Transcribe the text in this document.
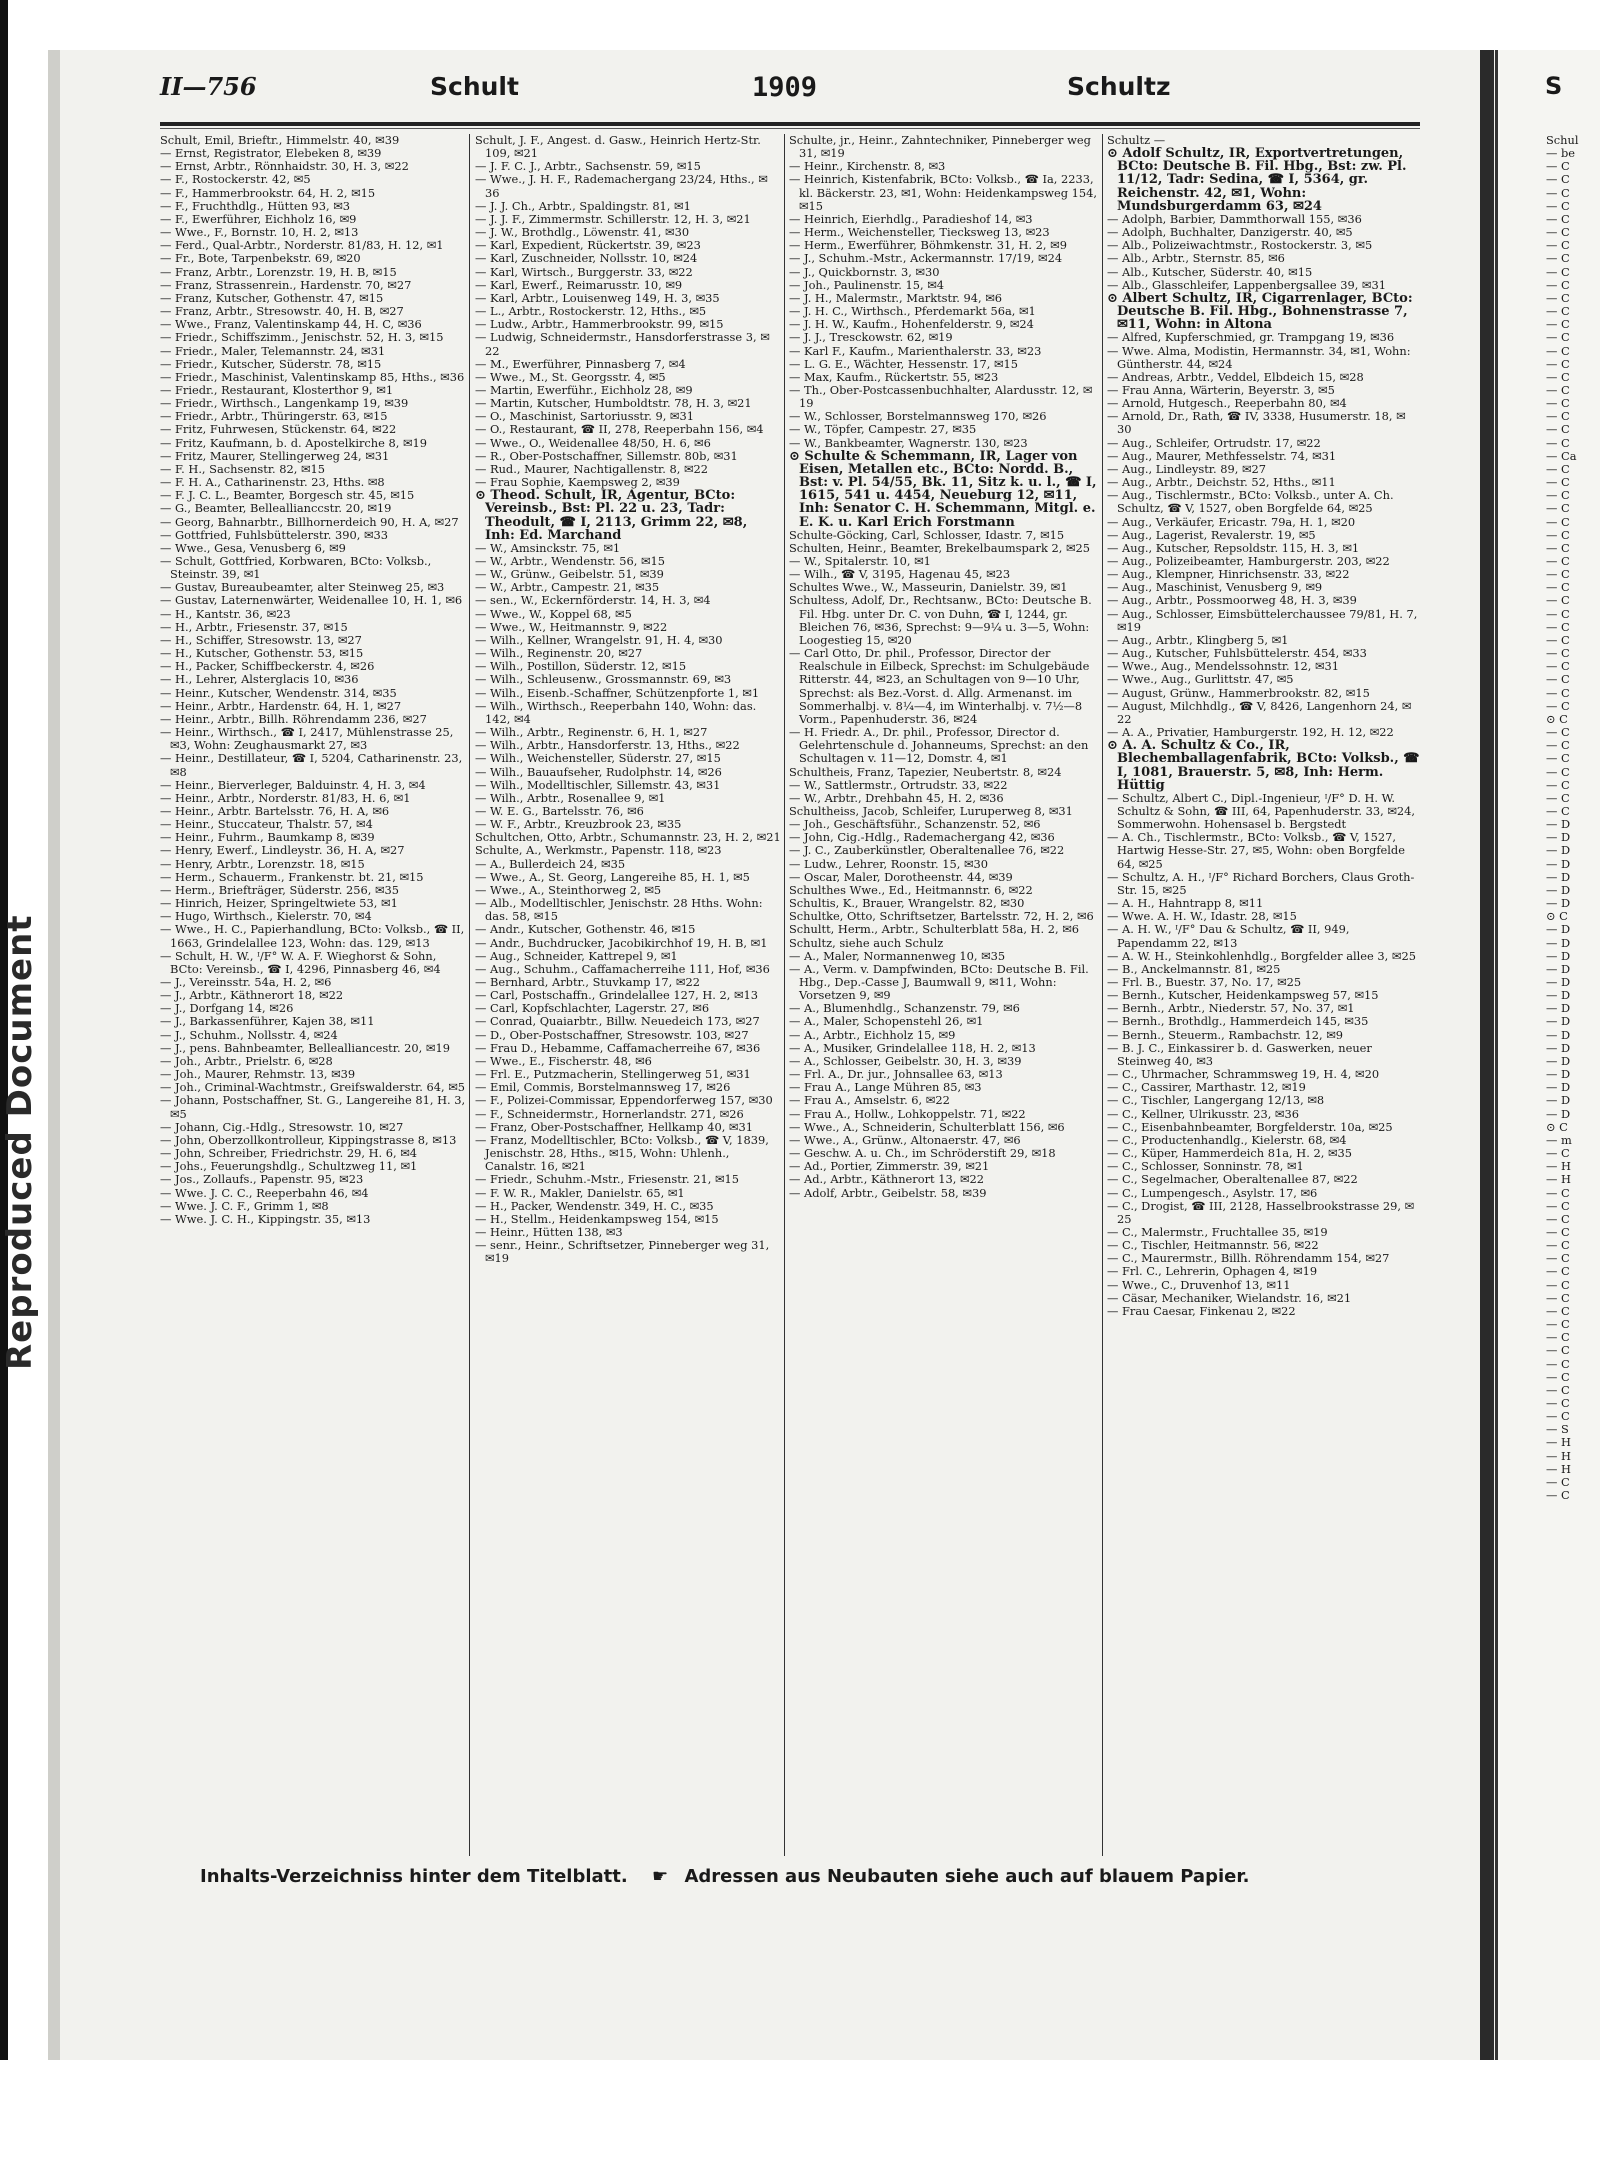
Reproduced Document
II—756	Schult	1909	Schultz

Schult, Emil, Brieftr., Himmelstr. 40, ✉39

— Ernst, Registrator, Elebeken 8, ✉39

— Ernst, Arbtr., Rönnhaidstr. 30, H. 3, ✉22

— F., Rostockerstr. 42, ✉5

— F., Hammerbrookstr. 64, H. 2, ✉15

— F., Fruchthdlg., Hütten 93, ✉3

— F., Ewerführer, Eichholz 16, ✉9

— Wwe., F., Bornstr. 10, H. 2, ✉13

— Ferd., Qual-Arbtr., Norderstr. 81/83, H. 12, ✉1

— Fr., Bote, Tarpenbekstr. 69, ✉20

— Franz, Arbtr., Lorenzstr. 19, H. B, ✉15

— Franz, Strassenrein., Hardenstr. 70, ✉27

— Franz, Kutscher, Gothenstr. 47, ✉15

— Franz, Arbtr., Stresowstr. 40, H. B, ✉27

— Wwe., Franz, Valentinskamp 44, H. C, ✉36

— Friedr., Schiffszimm., Jenischstr. 52, H. 3, ✉15

— Friedr., Maler, Telemannstr. 24, ✉31

— Friedr., Kutscher, Süderstr. 78, ✉15

— Friedr., Maschinist, Valentinskamp 85, Hths., ✉36

— Friedr., Restaurant, Klosterthor 9, ✉1

— Friedr., Wirthsch., Langenkamp 19, ✉39

— Friedr., Arbtr., Thüringerstr. 63, ✉15

— Fritz, Fuhrwesen, Stückenstr. 64, ✉22

— Fritz, Kaufmann, b. d. Apostelkirche 8, ✉19

— Fritz, Maurer, Stellingerweg 24, ✉31

— F. H., Sachsenstr. 82, ✉15

— F. H. A., Catharinenstr. 23, Hths. ✉8

— F. J. C. L., Beamter, Borgesch str. 45, ✉15

— G., Beamter, Belleallianccstr. 20, ✉19

— Georg, Bahnarbtr., Billhornerdeich 90, H. A, ✉27

— Gottfried, Fuhlsbüttelerstr. 390, ✉33

— Wwe., Gesa, Venusberg 6, ✉9

— Schult, Gottfried, Korbwaren, BCto: Volksb., Steinstr. 39, ✉1

— Gustav, Bureaubeamter, alter Steinweg 25, ✉3

— Gustav, Laternenwärter, Weidenallee 10, H. 1, ✉6

— H., Kantstr. 36, ✉23

— H., Arbtr., Friesenstr. 37, ✉15

— H., Schiffer, Stresowstr. 13, ✉27

— H., Kutscher, Gothenstr. 53, ✉15

— H., Packer, Schiffbeckerstr. 4, ✉26

— H., Lehrer, Alsterglacis 10, ✉36

— Heinr., Kutscher, Wendenstr. 314, ✉35

— Heinr., Arbtr., Hardenstr. 64, H. 1, ✉27

— Heinr., Arbtr., Billh. Röhrendamm 236, ✉27

— Heinr., Wirthsch., ☎ I, 2417, Mühlenstrasse 25, ✉3, Wohn: Zeughausmarkt 27, ✉3

— Heinr., Destillateur, ☎ I, 5204, Catharinenstr. 23, ✉8

— Heinr., Bierverleger, Balduinstr. 4, H. 3, ✉4

— Heinr., Arbtr., Norderstr. 81/83, H. 6, ✉1

— Heinr., Arbtr. Bartelsstr. 76, H. A, ✉6

— Heinr., Stuccateur, Thalstr. 57, ✉4

— Heinr., Fuhrm., Baumkamp 8, ✉39

— Henry, Ewerf., Lindleystr. 36, H. A, ✉27

— Henry, Arbtr., Lorenzstr. 18, ✉15

— Herm., Schauerm., Frankenstr. bt. 21, ✉15

— Herm., Briefträger, Süderstr. 256, ✉35

— Hinrich, Heizer, Springeltwiete 53, ✉1

— Hugo, Wirthsch., Kielerstr. 70, ✉4

— Wwe., H. C., Papierhandlung, BCto: Volksb., ☎ II, 1663, Grindelallee 123, Wohn: das. 129, ✉13

— Schult, H. W., ᴵ/F° W. A. F. Wieghorst & Sohn, BCto: Vereinsb., ☎ I, 4296, Pinnasberg 46, ✉4

— J., Vereinsstr. 54a, H. 2, ✉6

— J., Arbtr., Käthnerort 18, ✉22

— J., Dorfgang 14, ✉26

— J., Barkassenführer, Kajen 38, ✉11

— J., Schuhm., Nollsstr. 4, ✉24

— J., pens. Bahnbeamter, Bellealliancestr. 20, ✉19

— Joh., Arbtr., Prielstr. 6, ✉28

— Joh., Maurer, Rehmstr. 13, ✉39

— Joh., Criminal-Wachtmstr., Greifswalderstr. 64, ✉5

— Johann, Postschaffner, St. G., Langereihe 81, H. 3, ✉5

— Johann, Cig.-Hdlg., Stresowstr. 10, ✉27

— John, Oberzollkontrolleur, Kippingstrasse 8, ✉13

— John, Schreiber, Friedrichstr. 29, H. 6, ✉4

— Johs., Feuerungshdlg., Schultzweg 11, ✉1

— Jos., Zollaufs., Papenstr. 95, ✉23

— Wwe. J. C. C., Reeperbahn 46, ✉4

— Wwe. J. C. F., Grimm 1, ✉8

— Wwe. J. C. H., Kippingstr. 35, ✉13

Schult, J. F., Angest. d. Gasw., Heinrich Hertz-Str. 109, ✉21

— J. F. C. J., Arbtr., Sachsenstr. 59, ✉15

— Wwe., J. H. F., Rademachergang 23/24, Hths., ✉36

— J. J. Ch., Arbtr., Spaldingstr. 81, ✉1

— J. J. F., Zimmermstr. Schillerstr. 12, H. 3, ✉21

— J. W., Brothdlg., Löwenstr. 41, ✉30

— Karl, Expedient, Rückertstr. 39, ✉23

— Karl, Zuschneider, Nollsstr. 10, ✉24

— Karl, Wirtsch., Burggerstr. 33, ✉22

— Karl, Ewerf., Reimarusstr. 10, ✉9

— Karl, Arbtr., Louisenweg 149, H. 3, ✉35

— L., Arbtr., Rostockerstr. 12, Hths., ✉5

— Ludw., Arbtr., Hammerbrookstr. 99, ✉15

— Ludwig, Schneidermstr., Hansdorferstrasse 3, ✉22

— M., Ewerführer, Pinnasberg 7, ✉4

— Wwe., M., St. Georgsstr. 4, ✉5

— Martin, Ewerführ., Eichholz 28, ✉9

— Martin, Kutscher, Humboldtstr. 78, H. 3, ✉21

— O., Maschinist, Sartoriusstr. 9, ✉31

— O., Restaurant, ☎ II, 278, Reeperbahn 156, ✉4

— Wwe., O., Weidenallee 48/50, H. 6, ✉6

— R., Ober-Postschaffner, Sillemstr. 80b, ✉31

— Rud., Maurer, Nachtigallenstr. 8, ✉22

— Frau Sophie, Kaempsweg 2, ✉39

⊙ Theod. Schult, IR, Agentur, BCto: Vereinsb., Bst: Pl. 22 u. 23, Tadr: Theodult, ☎ I, 2113, Grimm 22, ✉8, Inh: Ed. Marchand

— W., Amsinckstr. 75, ✉1

— W., Arbtr., Wendenstr. 56, ✉15

— W., Grünw., Geibelstr. 51, ✉39

— W., Arbtr., Campestr. 21, ✉35

— sen., W., Eckernförderstr. 14, H. 3, ✉4

— Wwe., W., Koppel 68, ✉5

— Wwe., W., Heitmannstr. 9, ✉22

— Wilh., Kellner, Wrangelstr. 91, H. 4, ✉30

— Wilh., Reginenstr. 20, ✉27

— Wilh., Postillon, Süderstr. 12, ✉15

— Wilh., Schleusenw., Grossmannstr. 69, ✉3

— Wilh., Eisenb.-Schaffner, Schützenpforte 1, ✉1

— Wilh., Wirthsch., Reeperbahn 140, Wohn: das. 142, ✉4

— Wilh., Arbtr., Reginenstr. 6, H. 1, ✉27

— Wilh., Arbtr., Hansdorferstr. 13, Hths., ✉22

— Wilh., Weichensteller, Süderstr. 27, ✉15

— Wilh., Bauaufseher, Rudolphstr. 14, ✉26

— Wilh., Modelltischler, Sillemstr. 43, ✉31

— Wilh., Arbtr., Rosenallee 9, ✉1

— W. E. G., Bartelsstr. 76, ✉6

— W. F., Arbtr., Kreuzbrook 23, ✉35

Schultchen, Otto, Arbtr., Schumannstr. 23, H. 2, ✉21

Schulte, A., Werkmstr., Papenstr. 118, ✉23

— A., Bullerdeich 24, ✉35

— Wwe., A., St. Georg, Langereihe 85, H. 1, ✉5

— Wwe., A., Steinthorweg 2, ✉5

— Alb., Modelltischler, Jenischstr. 28 Hths. Wohn: das. 58, ✉15

— Andr., Kutscher, Gothenstr. 46, ✉15

— Andr., Buchdrucker, Jacobikirchhof 19, H. B, ✉1

— Aug., Schneider, Kattrepel 9, ✉1

— Aug., Schuhm., Caffamacherreihe 111, Hof, ✉36

— Bernhard, Arbtr., Stuvkamp 17, ✉22

— Carl, Postschaffn., Grindelallee 127, H. 2, ✉13

— Carl, Kopfschlachter, Lagerstr. 27, ✉6

— Conrad, Quaiarbtr., Billw. Neuedeich 173, ✉27

— D., Ober-Postschaffner, Stresowstr. 103, ✉27

— Frau D., Hebamme, Caffamacherreihe 67, ✉36

— Wwe., E., Fischerstr. 48, ✉6

— Frl. E., Putzmacherin, Stellingerweg 51, ✉31

— Emil, Commis, Borstelmannsweg 17, ✉26

— F., Polizei-Commissar, Eppendorferweg 157, ✉30

— F., Schneidermstr., Hornerlandstr. 271, ✉26

— Franz, Ober-Postschaffner, Hellkamp 40, ✉31

— Franz, Modelltischler, BCto: Volksb., ☎ V, 1839, Jenischstr. 28, Hths., ✉15, Wohn: Uhlenh., Canalstr. 16, ✉21

— Friedr., Schuhm.-Mstr., Friesenstr. 21, ✉15

— F. W. R., Makler, Danielstr. 65, ✉1

— H., Packer, Wendenstr. 349, H. C., ✉35

— H., Stellm., Heidenkampsweg 154, ✉15

— Heinr., Hütten 138, ✉3

— senr., Heinr., Schriftsetzer, Pinneberger weg 31, ✉19

Schulte, jr., Heinr., Zahntechniker, Pinneberger weg 31, ✉19

— Heinr., Kirchenstr. 8, ✉3

— Heinrich, Kistenfabrik, BCto: Volksb., ☎ Ia, 2233, kl. Bäckerstr. 23, ✉1, Wohn: Heidenkampsweg 154, ✉15

— Heinrich, Eierhdlg., Paradieshof 14, ✉3

— Herm., Weichensteller, Tiecksweg 13, ✉23

— Herm., Ewerführer, Böhmkenstr. 31, H. 2, ✉9

— J., Schuhm.-Mstr., Ackermannstr. 17/19, ✉24

— J., Quickbornstr. 3, ✉30

— Joh., Paulinenstr. 15, ✉4

— J. H., Malermstr., Marktstr. 94, ✉6

— J. H. C., Wirthsch., Pferdemarkt 56a, ✉1

— J. H. W., Kaufm., Hohenfelderstr. 9, ✉24

— J. J., Tresckowstr. 62, ✉19

— Karl F., Kaufm., Marienthalerstr. 33, ✉23

— L. G. E., Wächter, Hessenstr. 17, ✉15

— Max, Kaufm., Rückertstr. 55, ✉23

— Th., Ober-Postcassenbuchhalter, Alardusstr. 12, ✉19

— W., Schlosser, Borstelmannsweg 170, ✉26

— W., Töpfer, Campestr. 27, ✉35

— W., Bankbeamter, Wagnerstr. 130, ✉23

⊙ Schulte & Schemmann, IR, Lager von Eisen, Metallen etc., BCto: Nordd. B., Bst: v. Pl. 54/55, Bk. 11, Sitz k. u. l., ☎ I, 1615, 541 u. 4454, Neueburg 12, ✉11, Inh: Senator C. H. Schemmann, Mitgl. e. E. K. u. Karl Erich Forstmann

Schulte-Göcking, Carl, Schlosser, Idastr. 7, ✉15

Schulten, Heinr., Beamter, Brekelbaumspark 2, ✉25

— W., Spitalerstr. 10, ✉1

— Wilh., ☎ V, 3195, Hagenau 45, ✉23

Schultes Wwe., W., Masseurin, Danielstr. 39, ✉1

Schultess, Adolf, Dr., Rechtsanw., BCto: Deutsche B. Fil. Hbg. unter Dr. C. von Duhn, ☎ I, 1244, gr. Bleichen 76, ✉36, Sprechst: 9—9¼ u. 3—5, Wohn: Loogestieg 15, ✉20

— Carl Otto, Dr. phil., Professor, Director der Realschule in Eilbeck, Sprechst: im Schulgebäude Ritterstr. 44, ✉23, an Schultagen von 9—10 Uhr, Sprechst: als Bez.-Vorst. d. Allg. Armenanst. im Sommerhalbj. v. 8¼—4, im Winterhalbj. v. 7½—8 Vorm., Papenhuderstr. 36, ✉24

— H. Friedr. A., Dr. phil., Professor, Director d. Gelehrtenschule d. Johanneums, Sprechst: an den Schultagen v. 11—12, Domstr. 4, ✉1

Schultheis, Franz, Tapezier, Neubertstr. 8, ✉24

— W., Sattlermstr., Ortrudstr. 33, ✉22

— W., Arbtr., Drehbahn 45, H. 2, ✉36

Schultheiss, Jacob, Schleifer, Luruperweg 8, ✉31

— Joh., Geschäftsführ., Schanzenstr. 52, ✉6

— John, Cig.-Hdlg., Rademachergang 42, ✉36

— J. C., Zauberkünstler, Oberaltenallee 76, ✉22

— Ludw., Lehrer, Roonstr. 15, ✉30

— Oscar, Maler, Dorotheenstr. 44, ✉39

Schulthes Wwe., Ed., Heitmannstr. 6, ✉22

Schultis, K., Brauer, Wrangelstr. 82, ✉30

Schultke, Otto, Schriftsetzer, Bartelsstr. 72, H. 2, ✉6

Schultt, Herm., Arbtr., Schulterblatt 58a, H. 2, ✉6

Schultz, siehe auch Schulz

— A., Maler, Normannenweg 10, ✉35

— A., Verm. v. Dampfwinden, BCto: Deutsche B. Fil. Hbg., Dep.-Casse J, Baumwall 9, ✉11, Wohn: Vorsetzen 9, ✉9

— A., Blumenhdlg., Schanzenstr. 79, ✉6

— A., Maler, Schopenstehl 26, ✉1

— A., Arbtr., Eichholz 15, ✉9

— A., Musiker, Grindelallee 118, H. 2, ✉13

— A., Schlosser, Geibelstr. 30, H. 3, ✉39

— Frl. A., Dr. jur., Johnsallee 63, ✉13

— Frau A., Lange Mühren 85, ✉3

— Frau A., Amselstr. 6, ✉22

— Frau A., Hollw., Lohkoppelstr. 71, ✉22

— Wwe., A., Schneiderin, Schulterblatt 156, ✉6

— Wwe., A., Grünw., Altonaerstr. 47, ✉6

— Geschw. A. u. Ch., im Schröderstift 29, ✉18

— Ad., Portier, Zimmerstr. 39, ✉21

— Ad., Arbtr., Käthnerort 13, ✉22

— Adolf, Arbtr., Geibelstr. 58, ✉39

Schultz —

⊙ Adolf Schultz, IR, Exportvertretungen, BCto: Deutsche B. Fil. Hbg., Bst: zw. Pl. 11/12, Tadr: Sedina, ☎ I, 5364, gr. Reichenstr. 42, ✉1, Wohn: Mundsburgerdamm 63, ✉24

— Adolph, Barbier, Dammthorwall 155, ✉36

— Adolph, Buchhalter, Danzigerstr. 40, ✉5

— Alb., Polizeiwachtmstr., Rostockerstr. 3, ✉5

— Alb., Arbtr., Sternstr. 85, ✉6

— Alb., Kutscher, Süderstr. 40, ✉15

— Alb., Glasschleifer, Lappenbergsallee 39, ✉31

⊙ Albert Schultz, IR, Cigarrenlager, BCto: Deutsche B. Fil. Hbg., Bohnenstrasse 7, ✉11, Wohn: in Altona

— Alfred, Kupferschmied, gr. Trampgang 19, ✉36

— Wwe. Alma, Modistin, Hermannstr. 34, ✉1, Wohn: Güntherstr. 44, ✉24

— Andreas, Arbtr., Veddel, Elbdeich 15, ✉28

— Frau Anna, Wärterin, Beyerstr. 3, ✉5

— Arnold, Hutgesch., Reeperbahn 80, ✉4

— Arnold, Dr., Rath, ☎ IV, 3338, Husumerstr. 18, ✉30

— Aug., Schleifer, Ortrudstr. 17, ✉22

— Aug., Maurer, Methfesselstr. 74, ✉31

— Aug., Lindleystr. 89, ✉27

— Aug., Arbtr., Deichstr. 52, Hths., ✉11

— Aug., Tischlermstr., BCto: Volksb., unter A. Ch. Schultz, ☎ V, 1527, oben Borgfelde 64, ✉25

— Aug., Verkäufer, Ericastr. 79a, H. 1, ✉20

— Aug., Lagerist, Revalerstr. 19, ✉5

— Aug., Kutscher, Repsoldstr. 115, H. 3, ✉1

— Aug., Polizeibeamter, Hamburgerstr. 203, ✉22

— Aug., Klempner, Hinrichsenstr. 33, ✉22

— Aug., Maschinist, Venusberg 9, ✉9

— Aug., Arbtr., Possmoorweg 48, H. 3, ✉39

— Aug., Schlosser, Eimsbüttelerchaussee 79/81, H. 7, ✉19

— Aug., Arbtr., Klingberg 5, ✉1

— Aug., Kutscher, Fuhlsbüttelerstr. 454, ✉33

— Wwe., Aug., Mendelssohnstr. 12, ✉31

— Wwe., Aug., Gurlittstr. 47, ✉5

— August, Grünw., Hammerbrookstr. 82, ✉15

— August, Milchhdlg., ☎ V, 8426, Langenhorn 24, ✉22

— A. A., Privatier, Hamburgerstr. 192, H. 12, ✉22

⊙ A. A. Schultz & Co., IR, Blechemballagenfabrik, BCto: Volksb., ☎ I, 1081, Brauerstr. 5, ✉8, Inh: Herm. Hüttig

— Schultz, Albert C., Dipl.-Ingenieur, ᴵ/F° D. H. W. Schultz & Sohn, ☎ III, 64, Papenhuderstr. 33, ✉24, Sommerwohn. Hohensasel b. Bergstedt

— A. Ch., Tischlermstr., BCto: Volksb., ☎ V, 1527, Hartwig Hesse-Str. 27, ✉5, Wohn: oben Borgfelde 64, ✉25

— Schultz, A. H., ᴵ/F° Richard Borchers, Claus Groth-Str. 15, ✉25

— A. H., Hahntrapp 8, ✉11

— Wwe. A. H. W., Idastr. 28, ✉15

— A. H. W., ᴵ/F° Dau & Schultz, ☎ II, 949, Papendamm 22, ✉13

— A. W. H., Steinkohlenhdlg., Borgfelder allee 3, ✉25

— B., Anckelmannstr. 81, ✉25

— Frl. B., Buestr. 37, No. 17, ✉25

— Bernh., Kutscher, Heidenkampsweg 57, ✉15

— Bernh., Arbtr., Niederstr. 57, No. 37, ✉1

— Bernh., Brothdlg., Hammerdeich 145, ✉35

— Bernh., Steuerm., Rambachstr. 12, ✉9

— B. J. C., Einkassirer b. d. Gaswerken, neuer Steinweg 40, ✉3

— C., Uhrmacher, Schrammsweg 19, H. 4, ✉20

— C., Cassirer, Marthastr. 12, ✉19

— C., Tischler, Langergang 12/13, ✉8

— C., Kellner, Ulrikusstr. 23, ✉36

— C., Eisenbahnbeamter, Borgfelderstr. 10a, ✉25

— C., Productenhandlg., Kielerstr. 68, ✉4

— C., Küper, Hammerdeich 81a, H. 2, ✉35

— C., Schlosser, Sonninstr. 78, ✉1

— C., Segelmacher, Oberaltenallee 87, ✉22

— C., Lumpengesch., Asylstr. 17, ✉6

— C., Drogist, ☎ III, 2128, Hasselbrookstrasse 29, ✉25

— C., Malermstr., Fruchtallee 35, ✉19

— C., Tischler, Heitmannstr. 56, ✉22

— C., Maurermstr., Billh. Röhrendamm 154, ✉27

— Frl. C., Lehrerin, Ophagen 4, ✉19

— Wwe., C., Druvenhof 13, ✉11

— Cäsar, Mechaniker, Wielandstr. 16, ✉21

— Frau Caesar, Finkenau 2, ✉22

S
Schul
— be
— C
— C
— C
— C
— C
— C
— C
— C
— C
— C
— C
— C
— C
— C
— C
— C
— C
— C
— C
— C
— C
— C
— Ca
— C
— C
— C
— C
— C
— C
— C
— C
— C
— C
— C
— C
— C
— C
— C
— C
— C
— C
— C
⊙ C
— C
— C
— C
— C
— C
— C
— C
— D
— D
— D
— D
— D
— D
— D
⊙ C
— D
— D
— D
— D
— D
— D
— D
— D
— D
— D
— D
— D
— D
— D
— D
⊙ C
— m
— C
— H
— H
— C
— C
— C
— C
— C
— C
— C
— C
— C
— C
— C
— C
— C
— C
— C
— C
— C
— C
— S
— H
— H
— H
— C
— C
Inhalts-Verzeichniss hinter dem Titelblatt. ☛ Adressen aus Neubauten siehe auch auf blauem Papier.
